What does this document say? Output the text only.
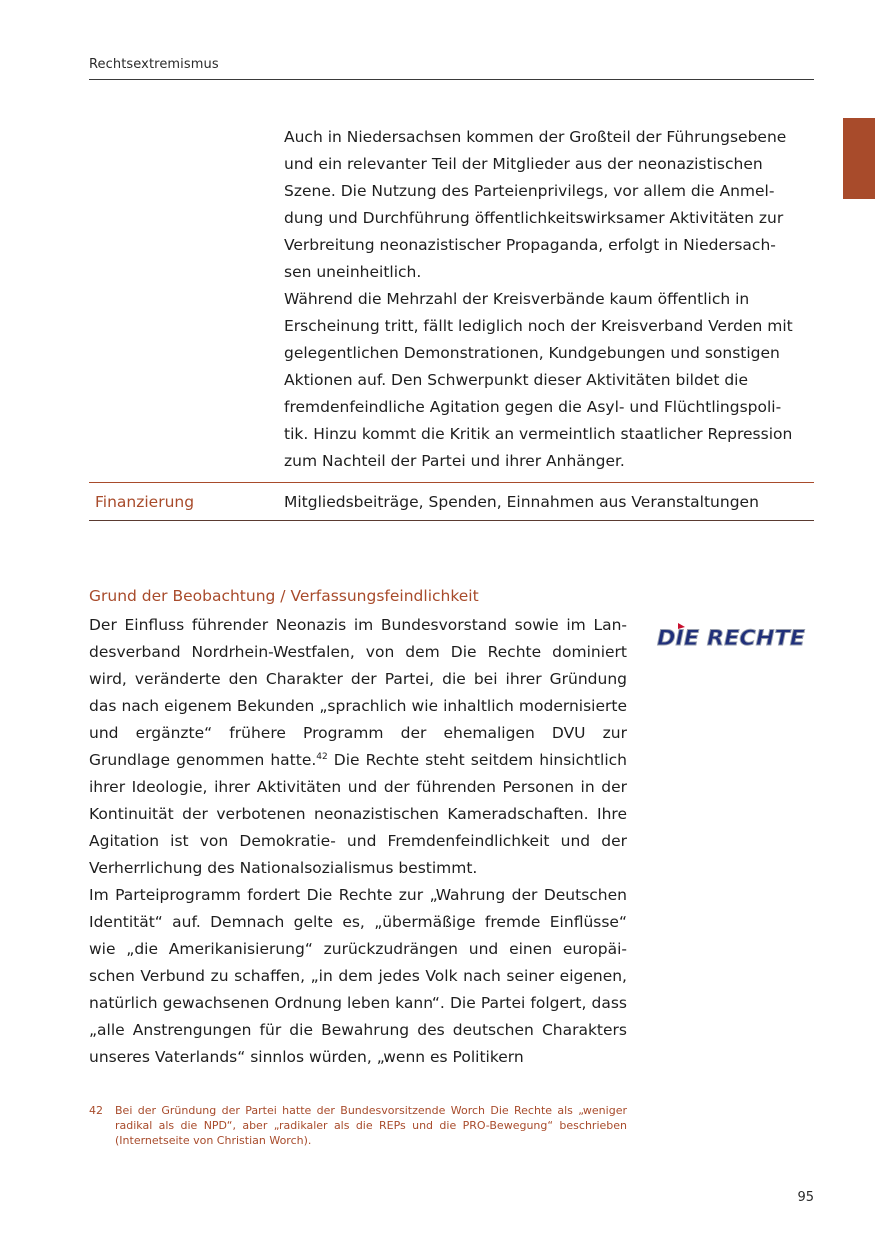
Rechtsextremismus

Auch in Niedersachsen kommen der Großteil der Führungsebene
und ein relevanter Teil der Mitglieder aus der neonazistischen
Szene. Die Nutzung des Parteienprivilegs, vor allem die Anmel-
dung und Durchführung öffentlichkeitswirksamer Aktivitäten zur
Verbreitung neonazistischer Propaganda, erfolgt in Niedersach-
sen uneinheitlich.

Während die Mehrzahl der Kreisverbände kaum öffentlich in
Erscheinung tritt, fällt lediglich noch der Kreisverband Verden mit
gelegentlichen Demonstrationen, Kundgebungen und sonstigen
Aktionen auf. Den Schwerpunkt dieser Aktivitäten bildet die
fremdenfeindliche Agitation gegen die Asyl- und Flüchtlingspoli-
tik. Hinzu kommt die Kritik an vermeintlich staatlicher Repression
zum Nachteil der Partei und ihrer Anhänger.

Finanzierung	Mitgliedsbeiträge, Spenden, Einnahmen aus Veranstaltungen
Grund der Beobachtung / Verfassungsfeindlichkeit
DIE RECHTE

Der Einfluss führender Neonazis im Bundesvorstand sowie im Landesverband Nordrhein-Westfalen, von dem Die Rechte dominiert wird, veränderte den Charakter der Partei, die bei ihrer Gründung das nach eigenem Bekunden „sprachlich wie inhaltlich modernisierte und ergänzte“ frühere Programm der ehemaligen DVU zur Grundlage genommen hatte.$^{42}$ Die Rechte steht seitdem hinsichtlich ihrer Ideologie, ihrer Aktivitäten und der führenden Personen in der Kontinuität der verbotenen neonazistischen Kameradschaften. Ihre Agitation ist von Demokratie- und Fremdenfeindlichkeit und der Verherrlichung des Nationalsozialismus bestimmt.

Im Parteiprogramm fordert Die Rechte zur „Wahrung der Deutschen Identität“ auf. Demnach gelte es, „übermäßige fremde Einflüsse“ wie „die Amerikanisierung“ zurückzudrängen und einen europäischen Verbund zu schaffen, „in dem jedes Volk nach seiner eigenen, natürlich gewachsenen Ordnung leben kann“. Die Partei folgert, dass „alle Anstrengungen für die Bewahrung des deutschen Charakters unseres Vaterlands“ sinnlos würden, „wenn es Politikern

42	Bei der Gründung der Partei hatte der Bundesvorsitzende Worch Die Rechte als „weniger radikal als die NPD“, aber „radikaler als die REPs und die PRO-Bewegung“ beschrieben (Internetseite von Christian Worch).
95
